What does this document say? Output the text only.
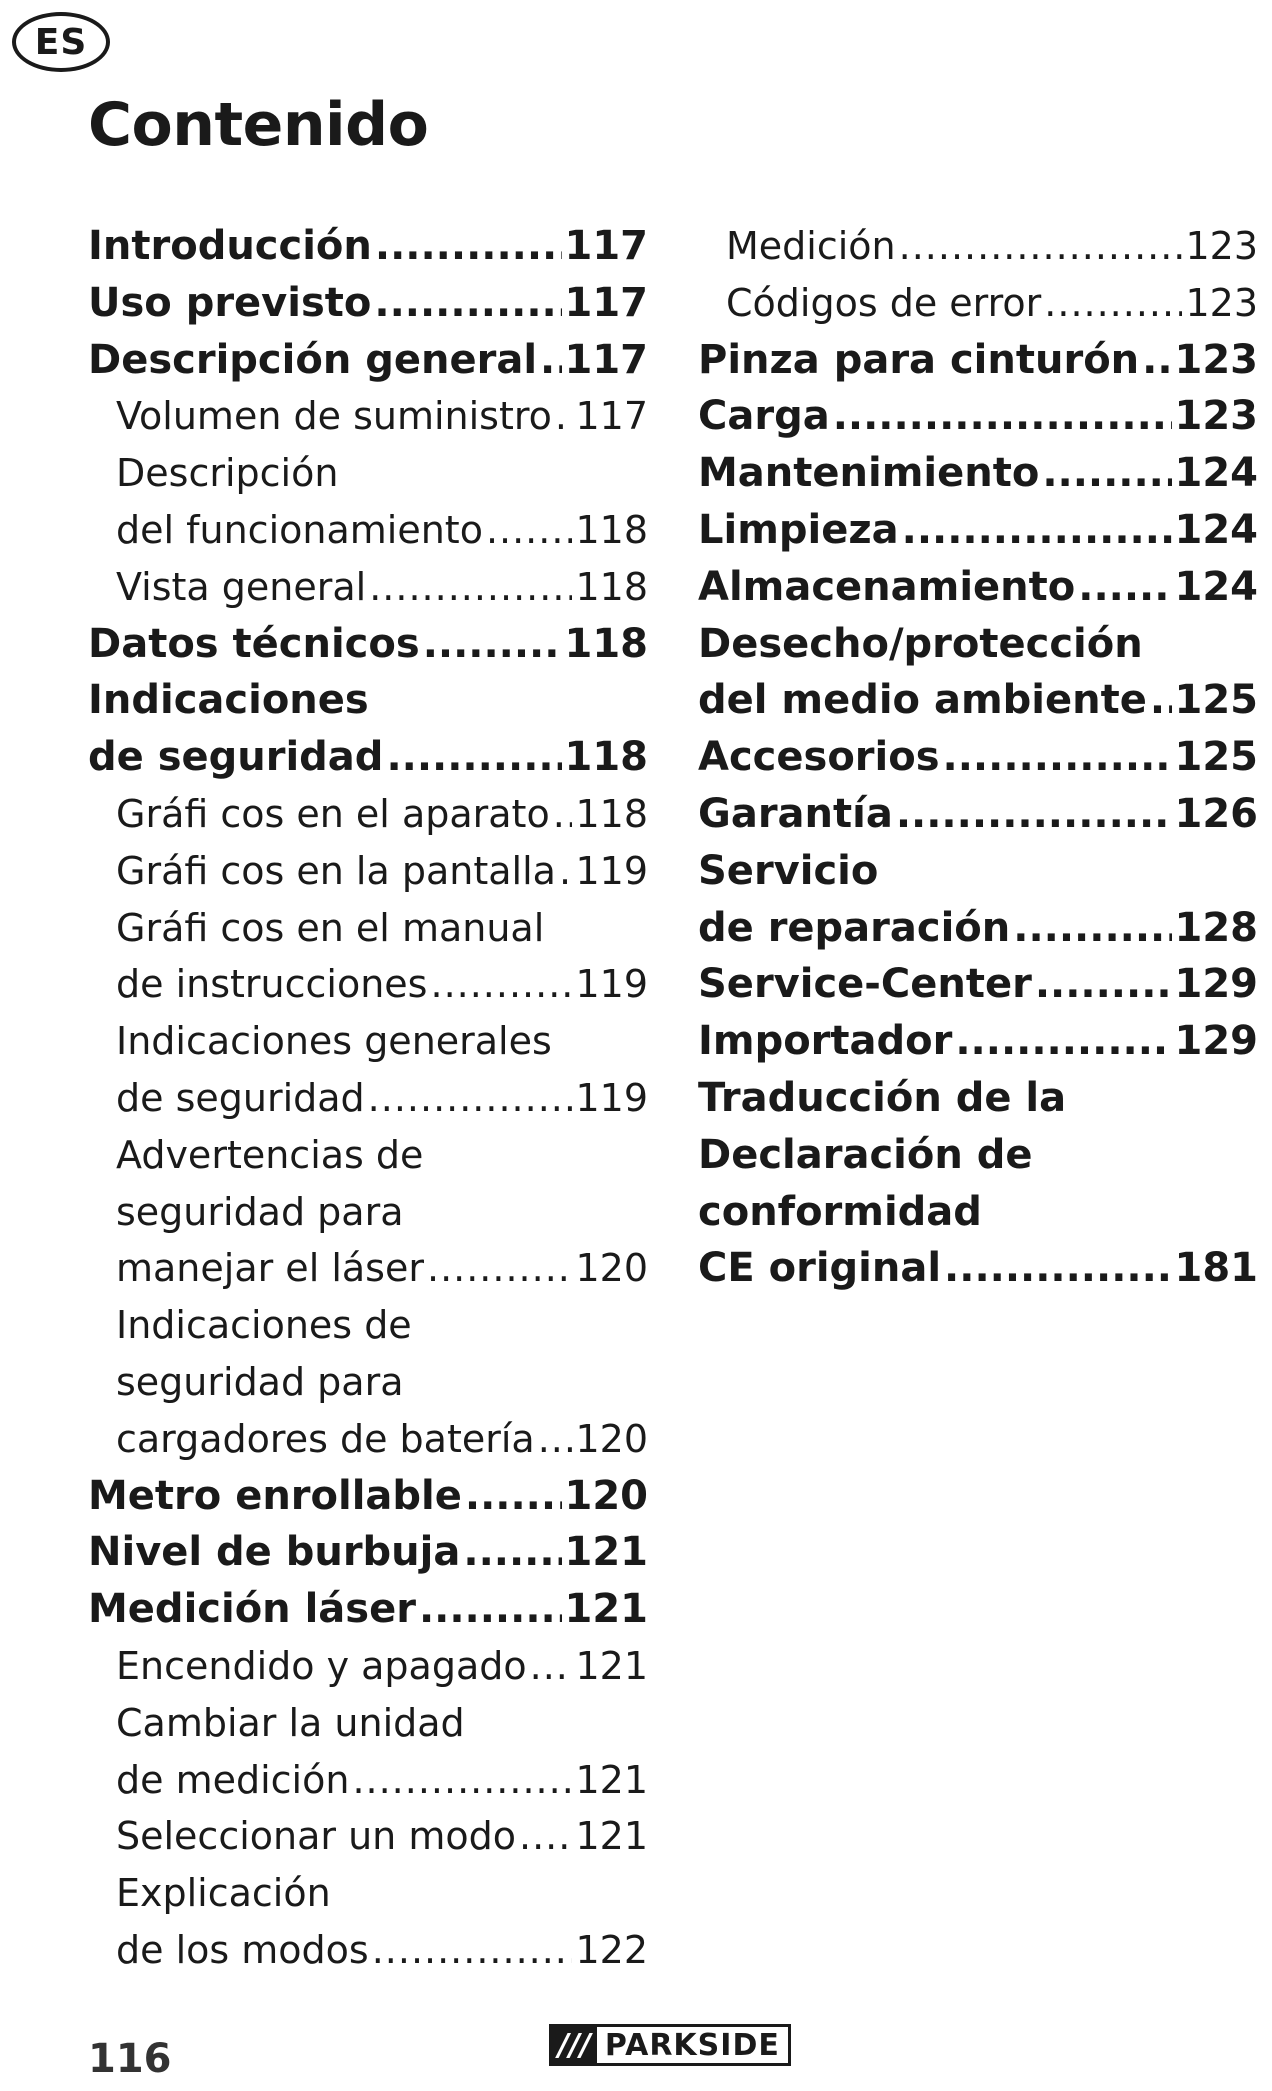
ES
Contenido
Introducción .....	117
Uso previsto .....	117
Descripción general ..... 117
Volumen de suministro ..... 117
Descripción
del funcionamiento ..... 118
Vista general .....	118
Datos técnicos .....	118
Indicaciones
de seguridad .....	118
Gráfi cos en el aparato ..... 118
Gráfi cos en la pantalla ..... 119
Gráfi cos en el manual
de instrucciones .....	119
Indicaciones generales
de seguridad .....	119
Advertencias de
seguridad para
manejar el láser .....	120
Indicaciones de
seguridad para
cargadores de batería ..... 120
Metro enrollable .....	120
Nivel de burbuja .....	121
Medición láser .....	121
Encendido y apagado ..... 121
Cambiar la unidad
de medición .....	121
Seleccionar un modo ..... 121
Explicación
de los modos .....	122
Medición .....	123
Códigos de error .....	123
Pinza para cinturón ..... 123
Carga .....	123
Mantenimiento .....	124
Limpieza .....	124
Almacenamiento ..... 124
Desecho/protección
del medio ambiente ..... 125
Accesorios .....	125
Garantía .....	126
Servicio
de reparación .....	128
Service-Center .....	129
Importador .....	129
Traducción de la
Declaración de
conformidad
CE original .....	181
116	/// PARKSIDE
